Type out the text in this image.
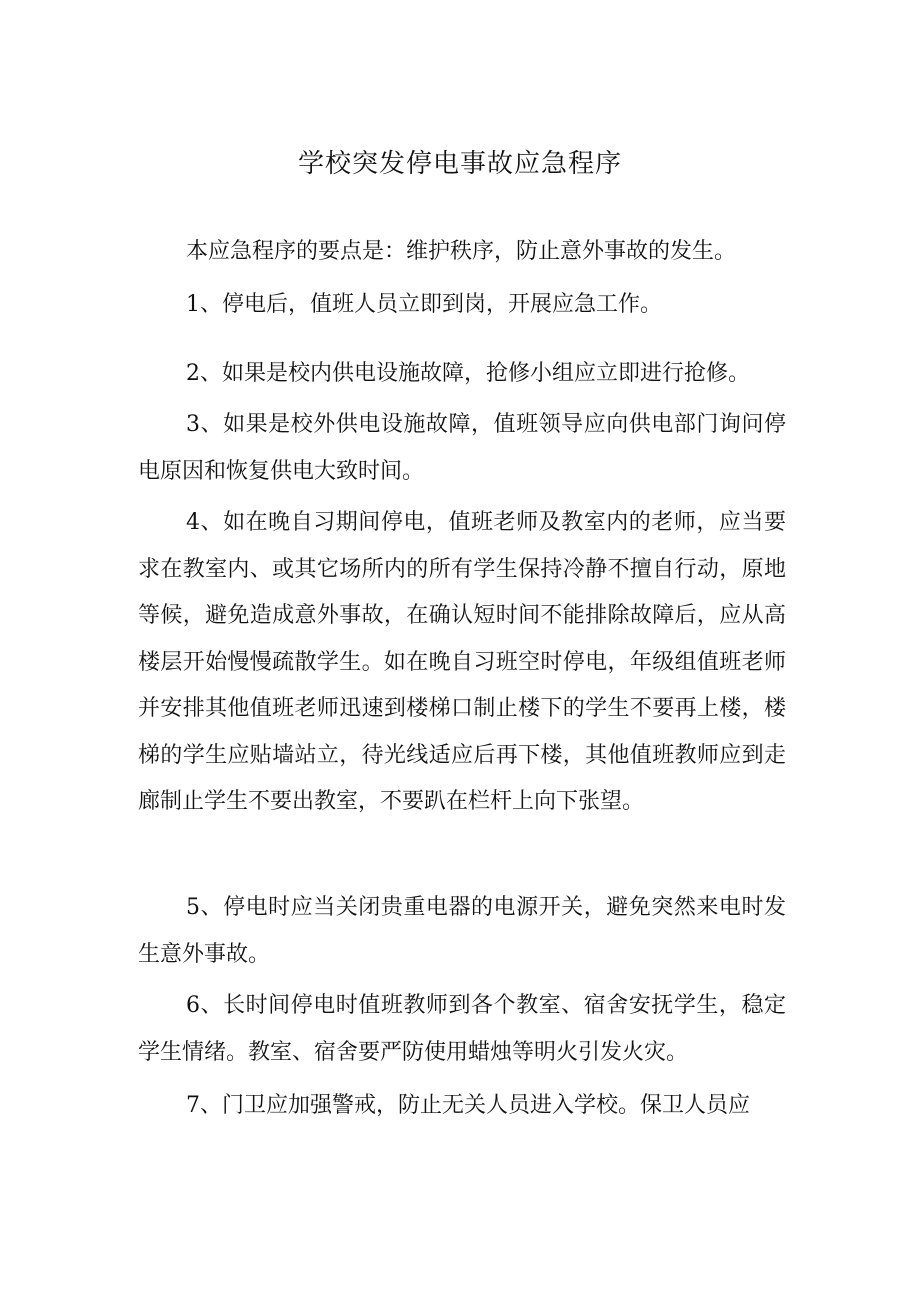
学校突发停电事故应急程序

本应急程序的要点是：维护秩序，防止意外事故的发生。

1、停电后，值班人员立即到岗，开展应急工作。

2、如果是校内供电设施故障，抢修小组应立即进行抢修。

3、如果是校外供电设施故障，值班领导应向供电部门询问停电原因和恢复供电大致时间。

4、如在晚自习期间停电，值班老师及教室内的老师，应当要求在教室内、或其它场所内的所有学生保持冷静不擅自行动，原地等候，避免造成意外事故，在确认短时间不能排除故障后，应从高楼层开始慢慢疏散学生。如在晚自习班空时停电，年级组值班老师并安排其他值班老师迅速到楼梯口制止楼下的学生不要再上楼，楼梯的学生应贴墙站立，待光线适应后再下楼，其他值班教师应到走廊制止学生不要出教室，不要趴在栏杆上向下张望。

5、停电时应当关闭贵重电器的电源开关，避免突然来电时发生意外事故。

6、长时间停电时值班教师到各个教室、宿舍安抚学生，稳定学生情绪。教室、宿舍要严防使用蜡烛等明火引发火灾。

7、门卫应加强警戒，防止无关人员进入学校。保卫人员应
